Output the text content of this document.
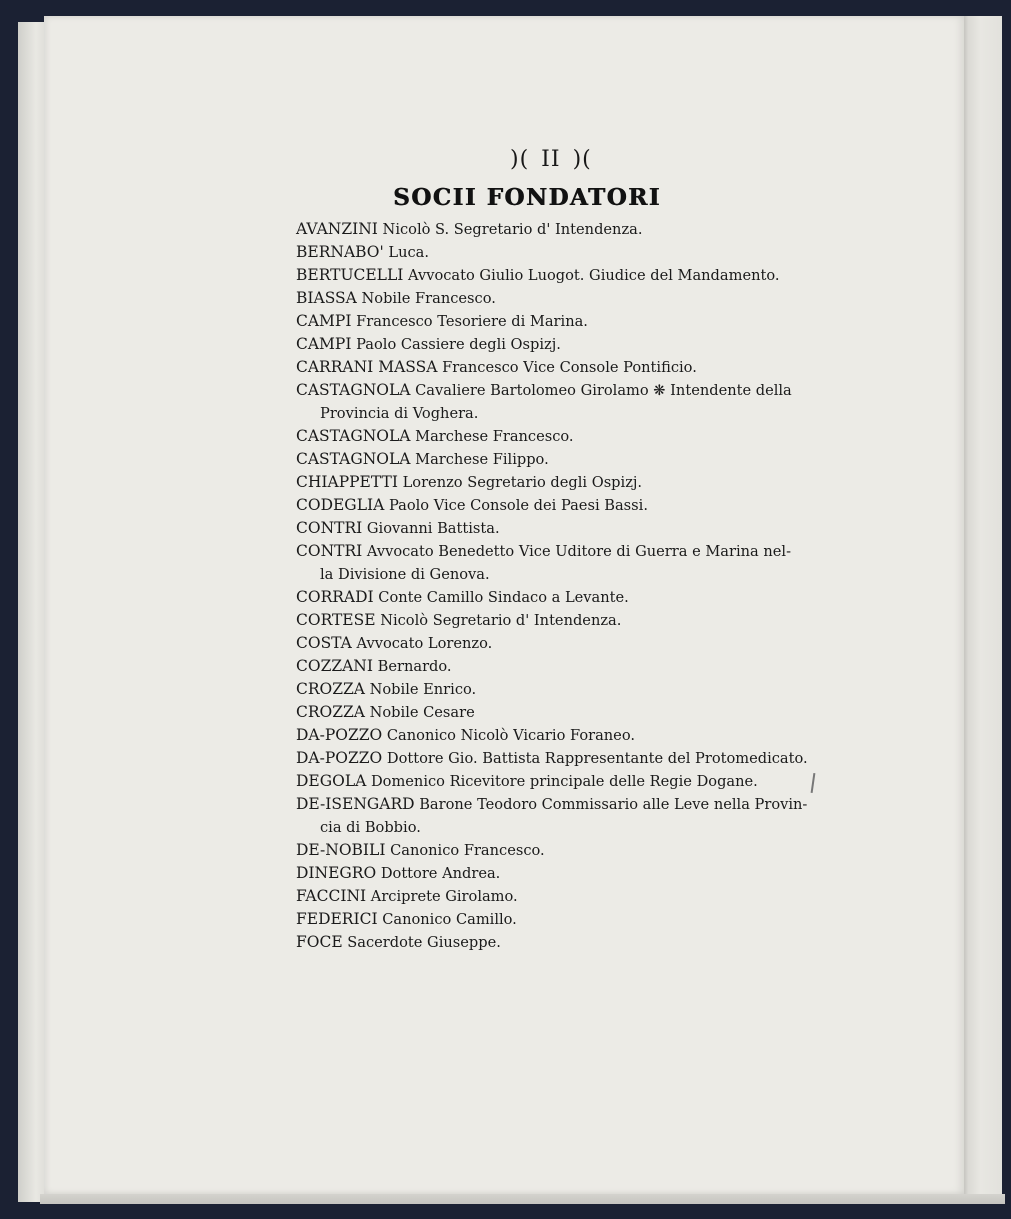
)( II )(
SOCII FONDATORI
AVANZINI Nicolò S. Segretario d' Intendenza.
BERNABO' Luca.
BERTUCELLI Avvocato Giulio Luogot. Giudice del Mandamento.
BIASSA Nobile Francesco.
CAMPI Francesco Tesoriere di Marina.
CAMPI Paolo Cassiere degli Ospizj.
CARRANI MASSA Francesco Vice Console Pontificio.
CASTAGNOLA Cavaliere Bartolomeo Girolamo ❋ Intendente della
Provincia di Voghera.
CASTAGNOLA Marchese Francesco.
CASTAGNOLA Marchese Filippo.
CHIAPPETTI Lorenzo Segretario degli Ospizj.
CODEGLIA Paolo Vice Console dei Paesi Bassi.
CONTRI Giovanni Battista.
CONTRI Avvocato Benedetto Vice Uditore di Guerra e Marina nel-
la Divisione di Genova.
CORRADI Conte Camillo Sindaco a Levante.
CORTESE Nicolò Segretario d' Intendenza.
COSTA Avvocato Lorenzo.
COZZANI Bernardo.
CROZZA Nobile Enrico.
CROZZA Nobile Cesare
DA-POZZO Canonico Nicolò Vicario Foraneo.
DA-POZZO Dottore Gio. Battista Rappresentante del Protomedicato.
DEGOLA Domenico Ricevitore principale delle Regie Dogane.
DE-ISENGARD Barone Teodoro Commissario alle Leve nella Provin-
cia di Bobbio.
DE-NOBILI Canonico Francesco.
DINEGRO Dottore Andrea.
FACCINI Arciprete Girolamo.
FEDERICI Canonico Camillo.
FOCE Sacerdote Giuseppe.
